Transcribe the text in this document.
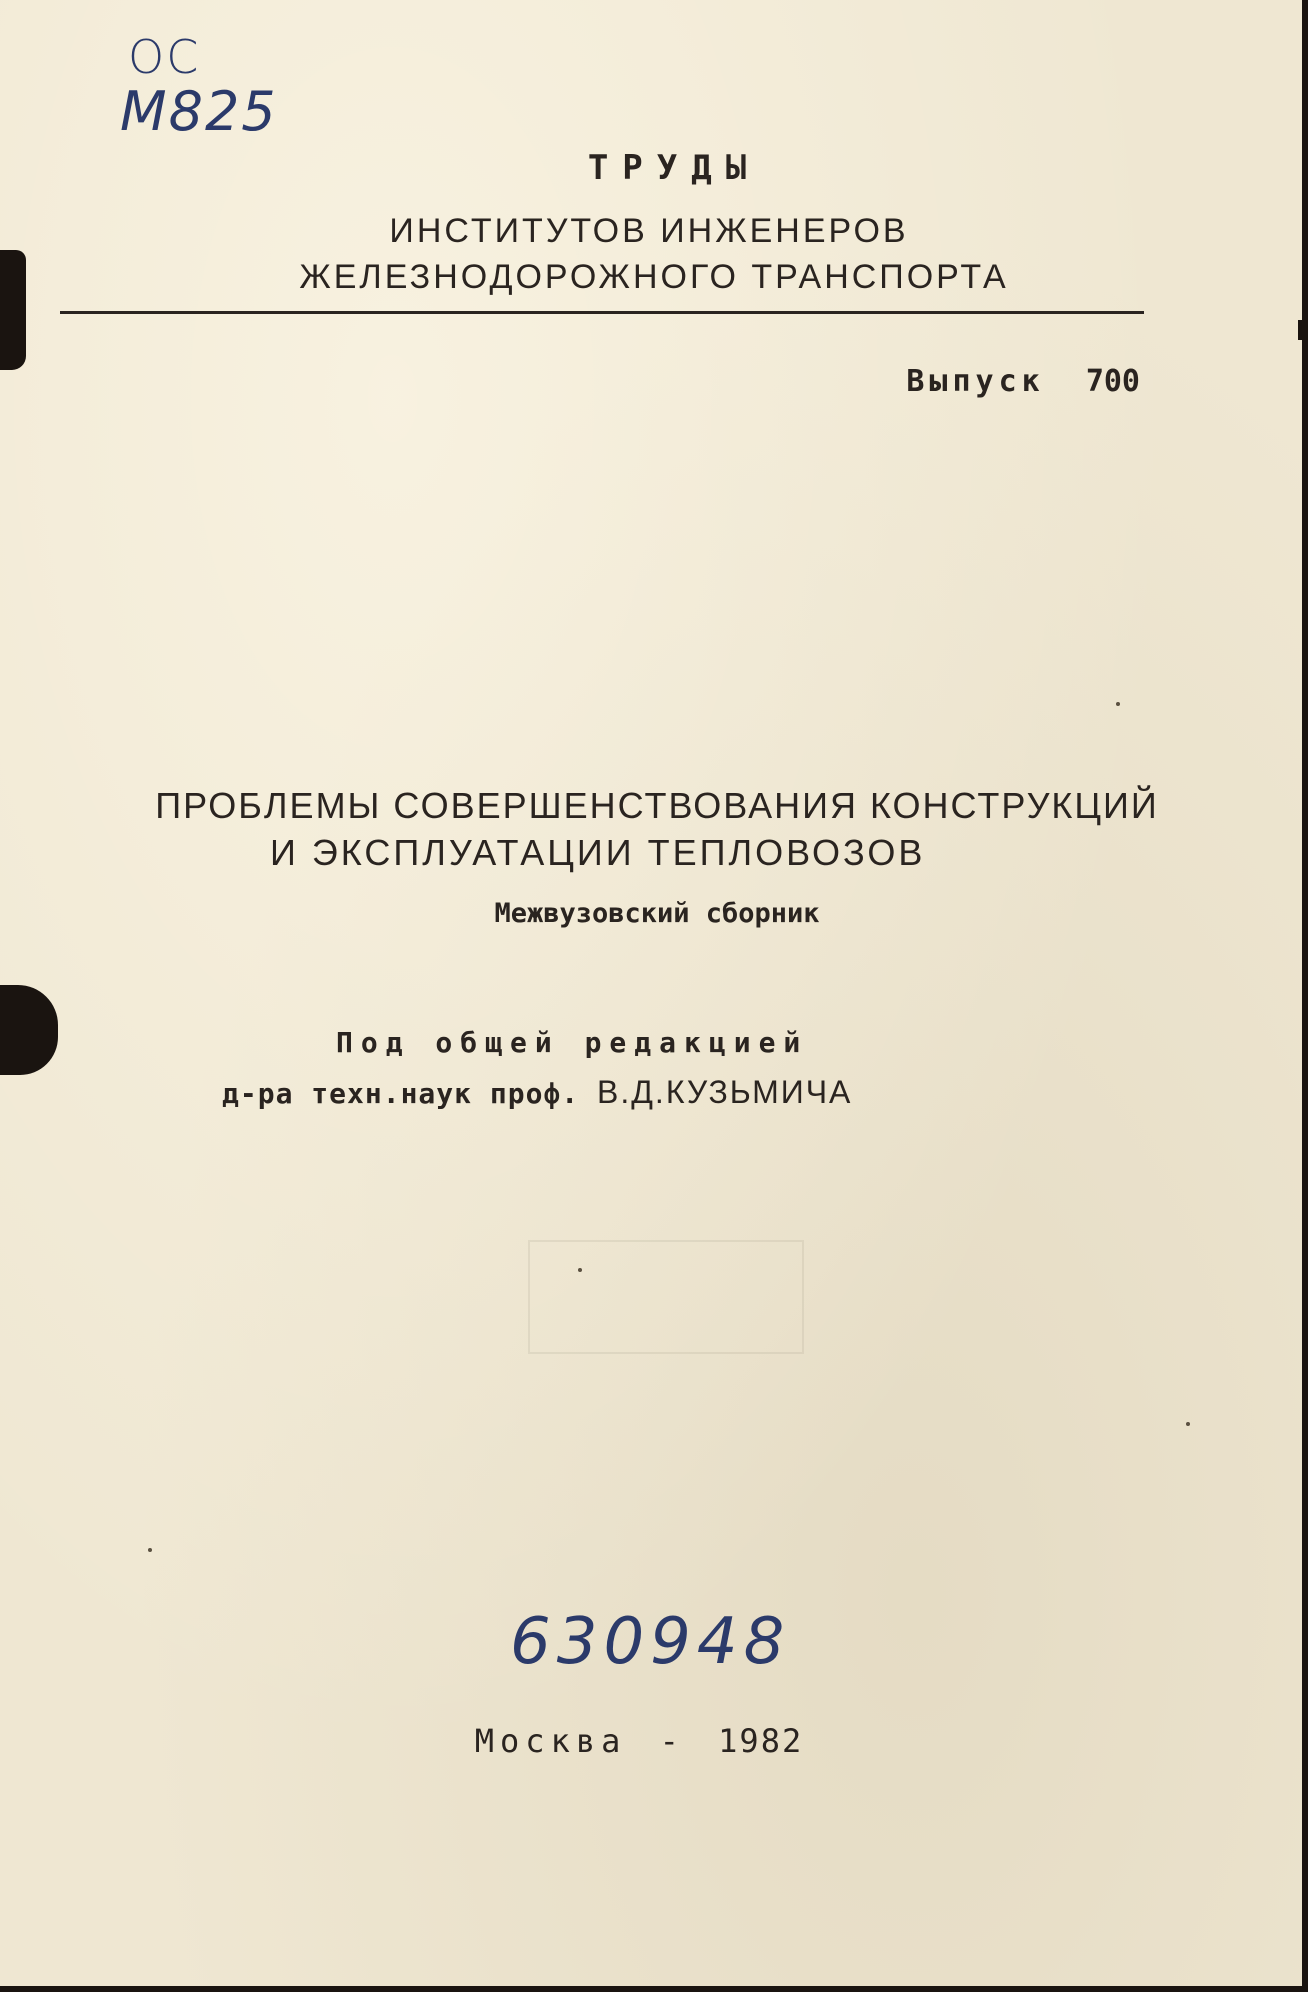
OC
M825
ТРУДЫ
ИНСТИТУТОВ ИНЖЕНЕРОВ
ЖЕЛЕЗНОДОРОЖНОГО ТРАНСПОРТА
Выпуск 700
ПРОБЛЕМЫ СОВЕРШЕНСТВОВАНИЯ КОНСТРУКЦИЙ
И ЭКСПЛУАТАЦИИ ТЕПЛОВОЗОВ
Межвузовский сборник
Под общей редакцией
д-ра техн.наук проф. В.Д.КУЗЬМИЧА
630948
Москва - 1982
